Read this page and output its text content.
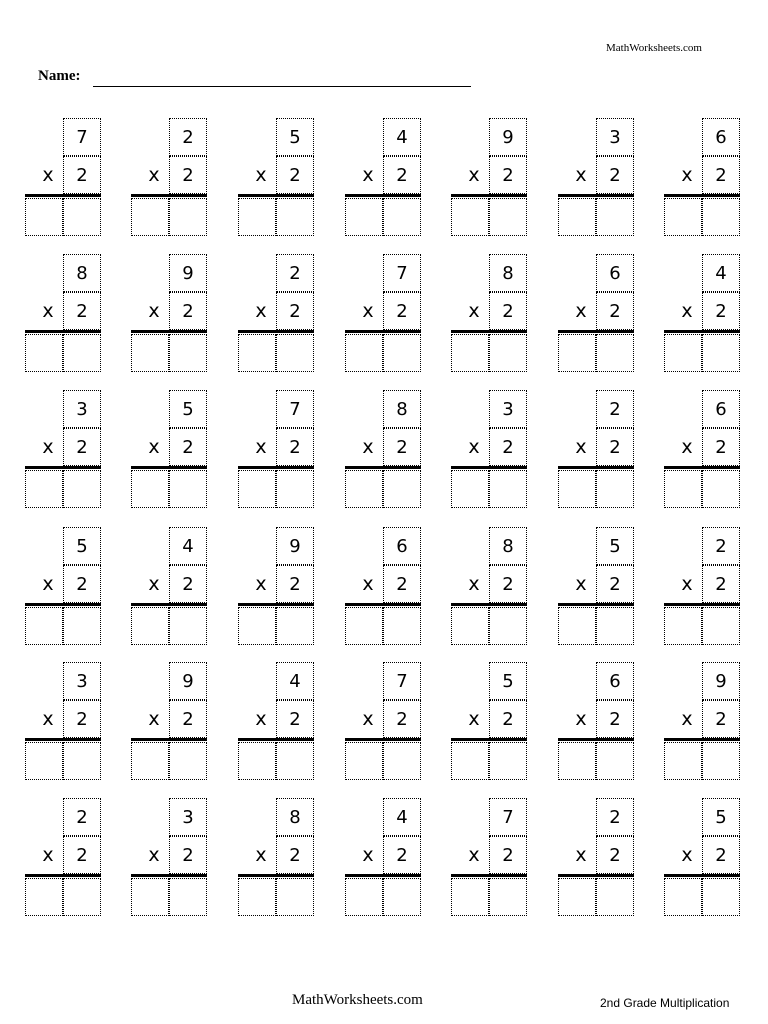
MathWorksheets.com
Name:
7
2
x
2
2
x
5
2
x
4
2
x
9
2
x
3
2
x
6
2
x
8
2
x
9
2
x
2
2
x
7
2
x
8
2
x
6
2
x
4
2
x
3
2
x
5
2
x
7
2
x
8
2
x
3
2
x
2
2
x
6
2
x
5
2
x
4
2
x
9
2
x
6
2
x
8
2
x
5
2
x
2
2
x
3
2
x
9
2
x
4
2
x
7
2
x
5
2
x
6
2
x
9
2
x
2
2
x
3
2
x
8
2
x
4
2
x
7
2
x
2
2
x
5
2
x
MathWorksheets.com	2nd Grade Multiplication
